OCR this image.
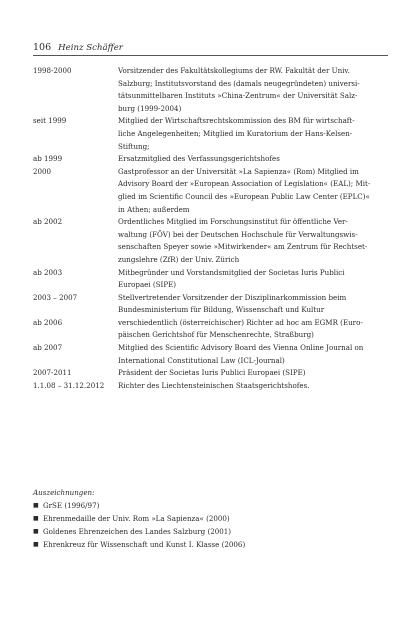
106 Heinz Schäffer
1998-2000	Vorsitzender des Fakultätskollegiums der RW. Fakultät der Univ.
Salzburg; Institutsvorstand des (damals neugegründeten) universi-
tätsunmittelbaren Instituts »China-Zentrum« der Universität Salz-
burg (1999-2004)
seit 1999	Mitglied der Wirtschaftsrechtskommission des BM für wirtschaft-
liche Angelegenheiten; Mitglied im Kuratorium der Hans-Kelsen-
Stiftung;
ab 1999	Ersatzmitglied des Verfassungsgerichtshofes
2000	Gastprofessor an der Universität »La Sapienza« (Rom) Mitglied im
Advisory Board der »European Association of Legislation« (EAL); Mit-
glied im Scientific Council des »European Public Law Center (EPLC)«
in Athen; außerdem
ab 2002	Ordentliches Mitglied im Forschungsinstitut für öffentliche Ver-
waltung (FÖV) bei der Deutschen Hochschule für Verwaltungswis-
senschaften Speyer sowie »Mitwirkender« am Zentrum für Rechtset-
zungslehre (ZfR) der Univ. Zürich
ab 2003	Mitbegründer und Vorstandsmitglied der Societas Iuris Publici
Europaei (SIPE)
2003 – 2007	Stellvertretender Vorsitzender der Disziplinarkommission beim
Bundesministerium für Bildung, Wissenschaft und Kultur
ab 2006	verschiedentlich (österreichischer) Richter ad hoc am EGMR (Euro-
päischen Gerichtshof für Menschenrechte, Straßburg)
ab 2007	Mitglied des Scientific Advisory Board des Vienna Online Journal on
International Constitutional Law (ICL-Journal)
2007-2011	Präsident der Societas Iuris Publici Europaei (SIPE)
1.1.08 – 31.12.2012	Richter des Liechtensteinischen Staatsgerichtshofes.
Auszeichnungen:
■ GrSE (1996/97)
■ Ehrenmedaille der Univ. Rom »La Sapienza« (2000)
■ Goldenes Ehrenzeichen des Landes Salzburg (2001)
■ Ehrenkreuz für Wissenschaft und Kunst I. Klasse (2006)
